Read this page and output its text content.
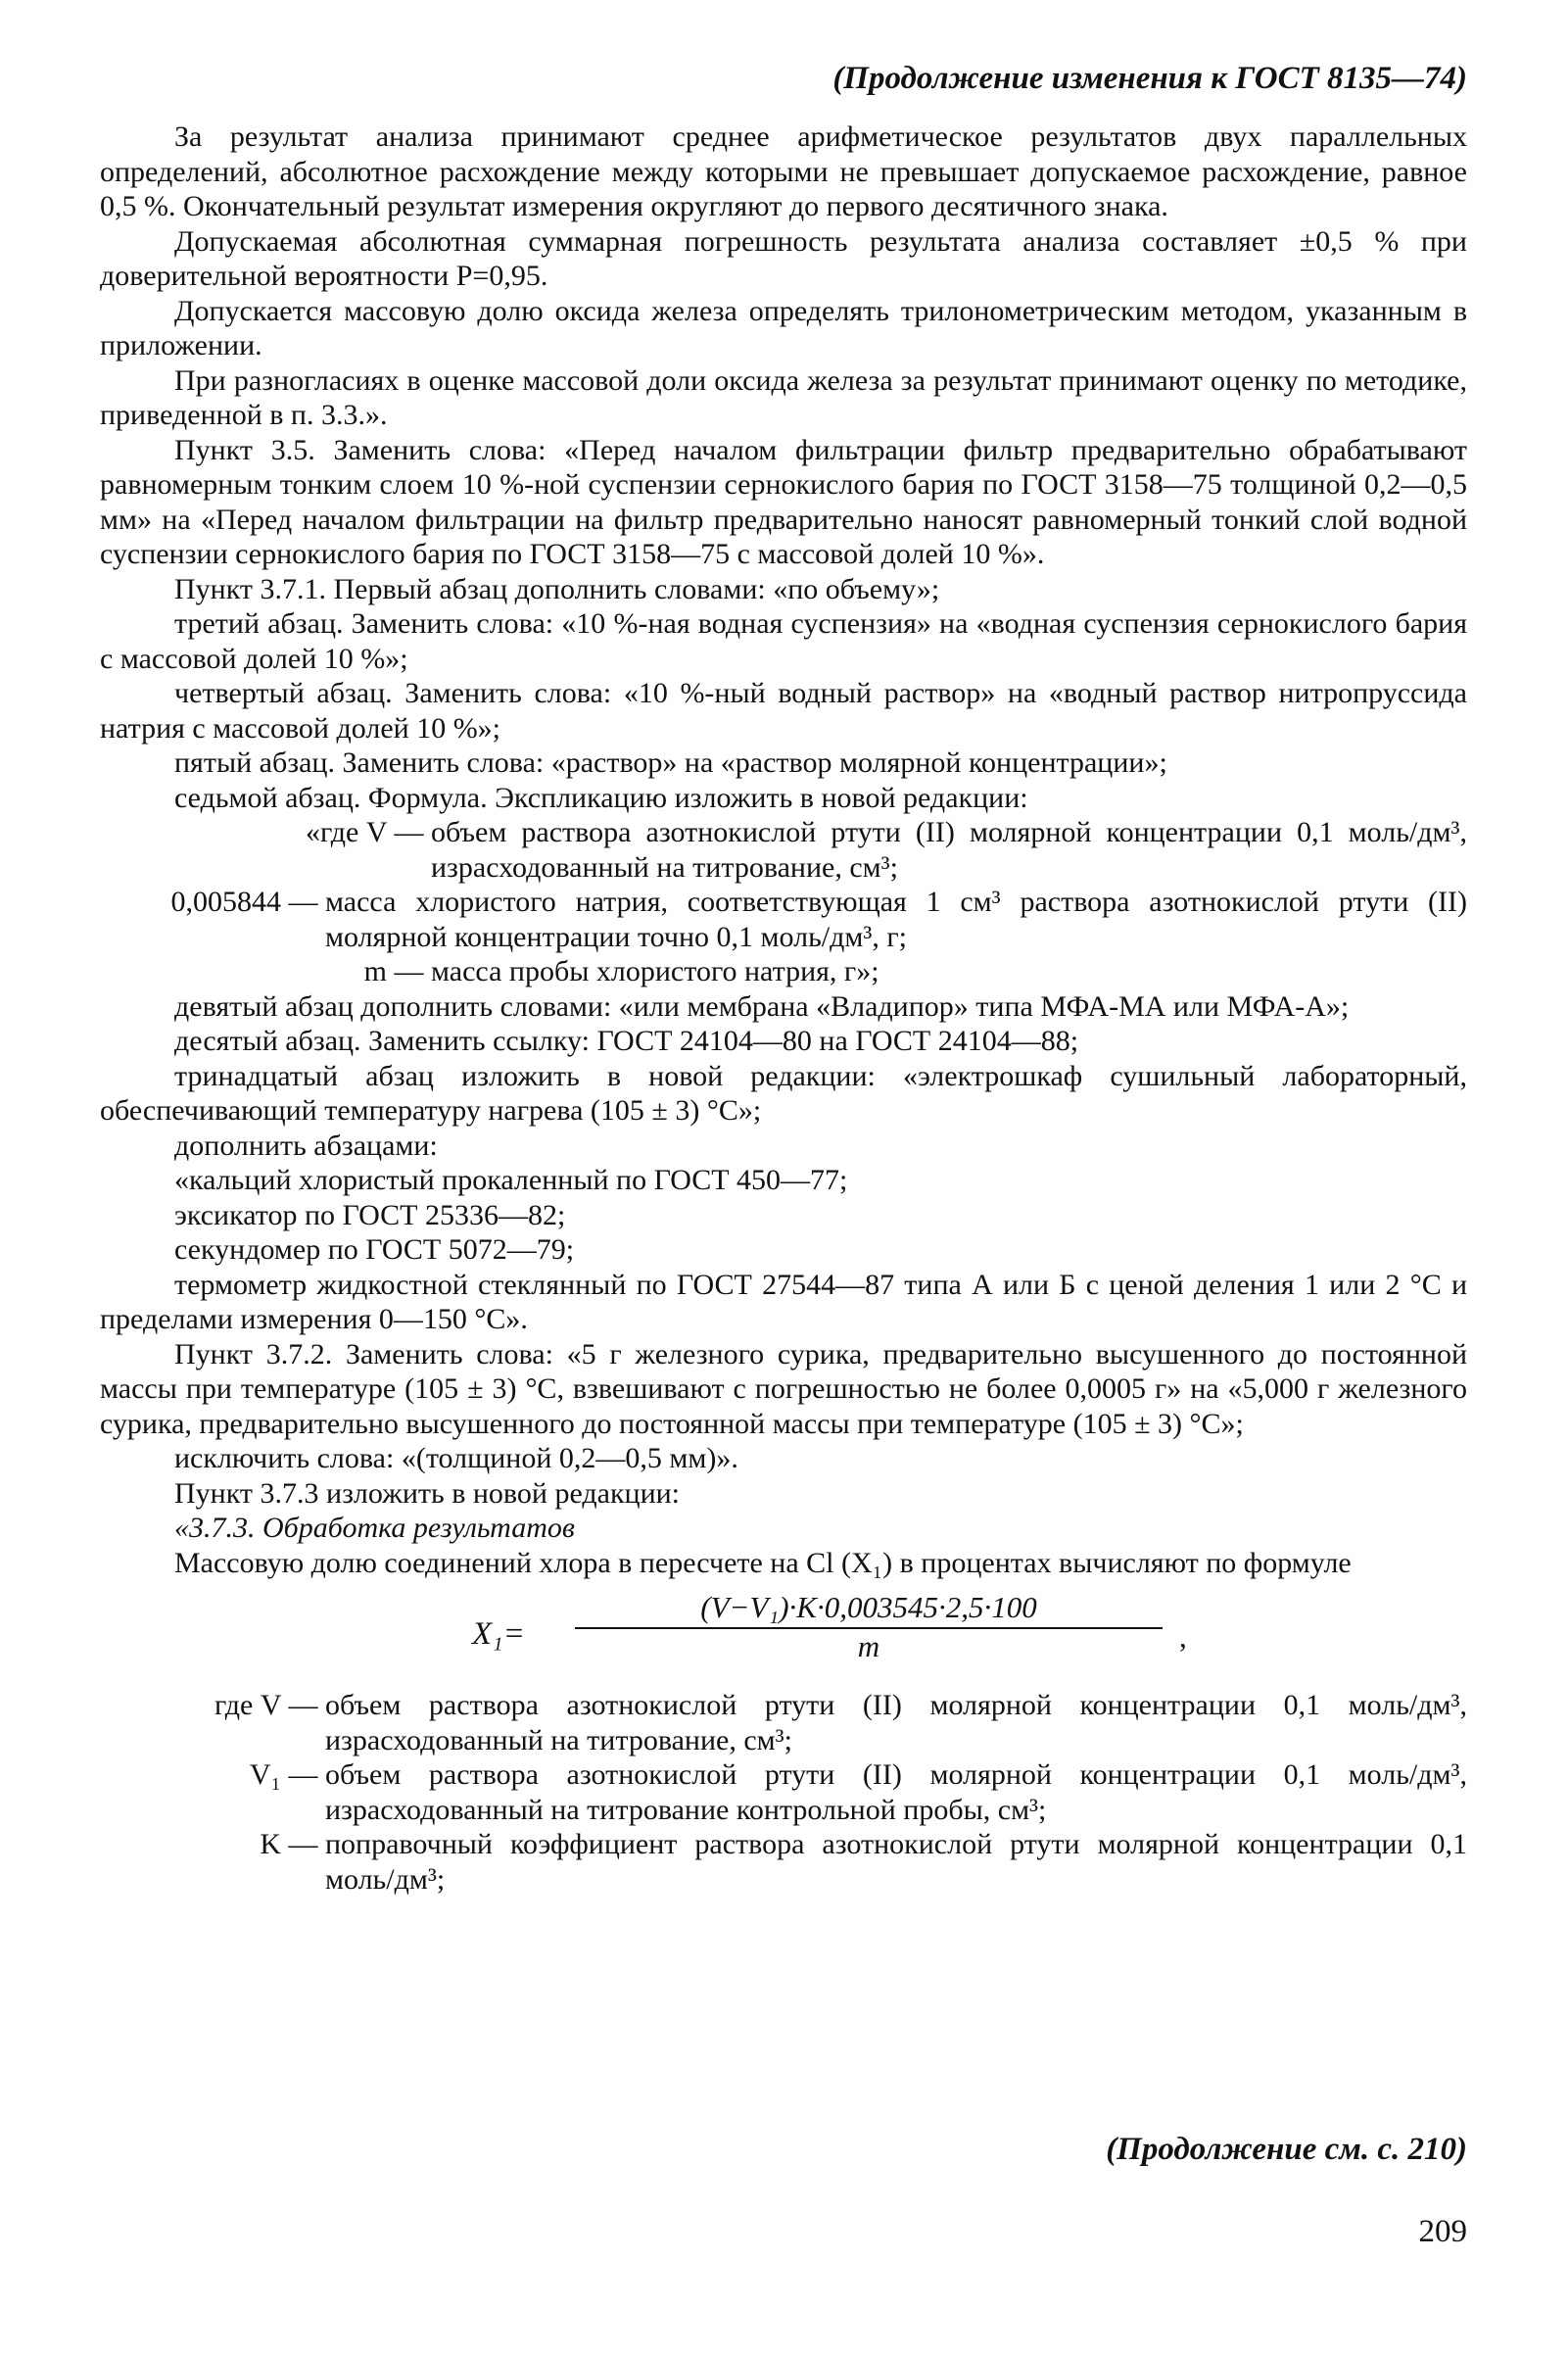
(Продолжение изменения к ГОСТ 8135—74)

За результат анализа принимают среднее арифметическое результатов двух параллельных определений, абсолютное расхождение между которыми не превышает допускаемое расхождение, равное 0,5 %. Окончательный результат измерения округляют до первого десятичного знака.

Допускаемая абсолютная суммарная погрешность результата анализа составляет ±0,5 % при доверительной вероятности P=0,95.

Допускается массовую долю оксида железа определять трилонометрическим методом, указанным в приложении.

При разногласиях в оценке массовой доли оксида железа за результат принимают оценку по методике, приведенной в п. 3.3.».

Пункт 3.5. Заменить слова: «Перед началом фильтрации фильтр предварительно обрабатывают равномерным тонким слоем 10 %-ной суспензии сернокислого бария по ГОСТ 3158—75 толщиной 0,2—0,5 мм» на «Перед началом фильтрации на фильтр предварительно наносят равномерный тонкий слой водной суспензии сернокислого бария по ГОСТ 3158—75 с массовой долей 10 %».

Пункт 3.7.1. Первый абзац дополнить словами: «по объему»;

третий абзац. Заменить слова: «10 %-ная водная суспензия» на «водная суспензия сернокислого бария с массовой долей 10 %»;

четвертый абзац. Заменить слова: «10 %-ный водный раствор» на «водный раствор нитропруссида натрия с массовой долей 10 %»;

пятый абзац. Заменить слова: «раствор» на «раствор молярной концентрации»;

седьмой абзац. Формула. Экспликацию изложить в новой редакции:

«где V — объем раствора азотнокислой ртути (II) молярной концентрации 0,1 моль/дм³, израсходованный на титрование, см³;
0,005844 — масса хлористого натрия, соответствующая 1 см³ раствора азотнокислой ртути (II) молярной концентрации точно 0,1 моль/дм³, г;
m — масса пробы хлористого натрия, г»;

девятый абзац дополнить словами: «или мембрана «Владипор» типа МФА-МА или МФА-А»;

десятый абзац. Заменить ссылку: ГОСТ 24104—80 на ГОСТ 24104—88;

тринадцатый абзац изложить в новой редакции: «электрошкаф сушильный лабораторный, обеспечивающий температуру нагрева (105 ± 3) °С»;

дополнить абзацами:

«кальций хлористый прокаленный по ГОСТ 450—77;

эксикатор по ГОСТ 25336—82;

секундомер по ГОСТ 5072—79;

термометр жидкостной стеклянный по ГОСТ 27544—87 типа А или Б с ценой деления 1 или 2 °С и пределами измерения 0—150 °С».

Пункт 3.7.2. Заменить слова: «5 г железного сурика, предварительно высушенного до постоянной массы при температуре (105 ± 3) °С, взвешивают с погрешностью не более 0,0005 г» на «5,000 г железного сурика, предварительно высушенного до постоянной массы при температуре (105 ± 3) °С»;

исключить слова: «(толщиной 0,2—0,5 мм)».

Пункт 3.7.3 изложить в новой редакции:

«3.7.3. Обработка результатов

Массовую долю соединений хлора в пересчете на Cl (X₁) в процентах вычисляют по формуле

X₁=
(V−V₁)·K·0,003545·2,5·100
m	,
где V — объем раствора азотнокислой ртути (II) молярной концентрации 0,1 моль/дм³, израсходованный на титрование, см³;
V₁ — объем раствора азотнокислой ртути (II) молярной концентрации 0,1 моль/дм³, израсходованный на титрование контрольной пробы, см³;
K — поправочный коэффициент раствора азотнокислой ртути молярной концентрации 0,1 моль/дм³;
(Продолжение см. с. 210)
209
